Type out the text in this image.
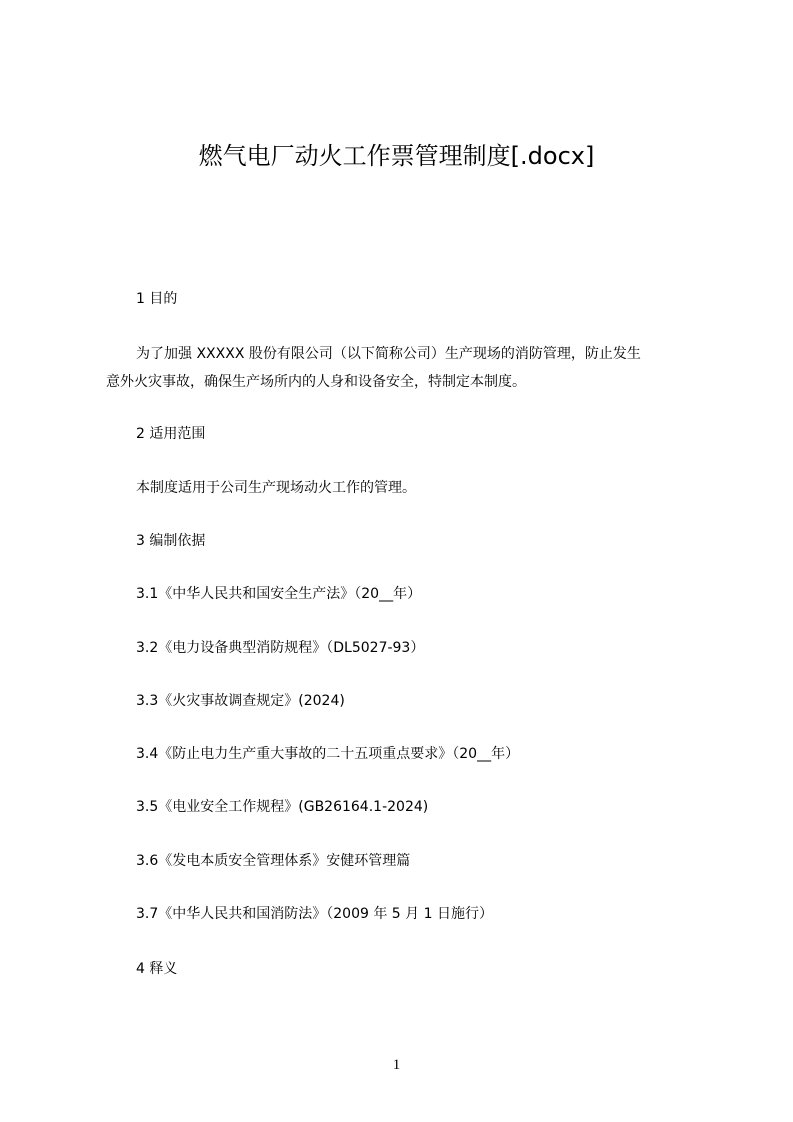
燃气电厂动火工作票管理制度[.docx]
1 目的
为了加强 XXXXX 股份有限公司（以下简称公司）生产现场的消防管理，防止发生
意外火灾事故，确保生产场所内的人身和设备安全，特制定本制度。
2 适用范围
本制度适用于公司生产现场动火工作的管理。
3 编制依据
3.1《中华人民共和国安全生产法》（20__年）
3.2《电力设备典型消防规程》（DL5027-93）
3.3《火灾事故调查规定》(2024)
3.4《防止电力生产重大事故的二十五项重点要求》（20__年）
3.5《电业安全工作规程》(GB26164.1-2024)
3.6《发电本质安全管理体系》安健环管理篇
3.7《中华人民共和国消防法》（2009 年 5 月 1 日施行）
4 释义
1
